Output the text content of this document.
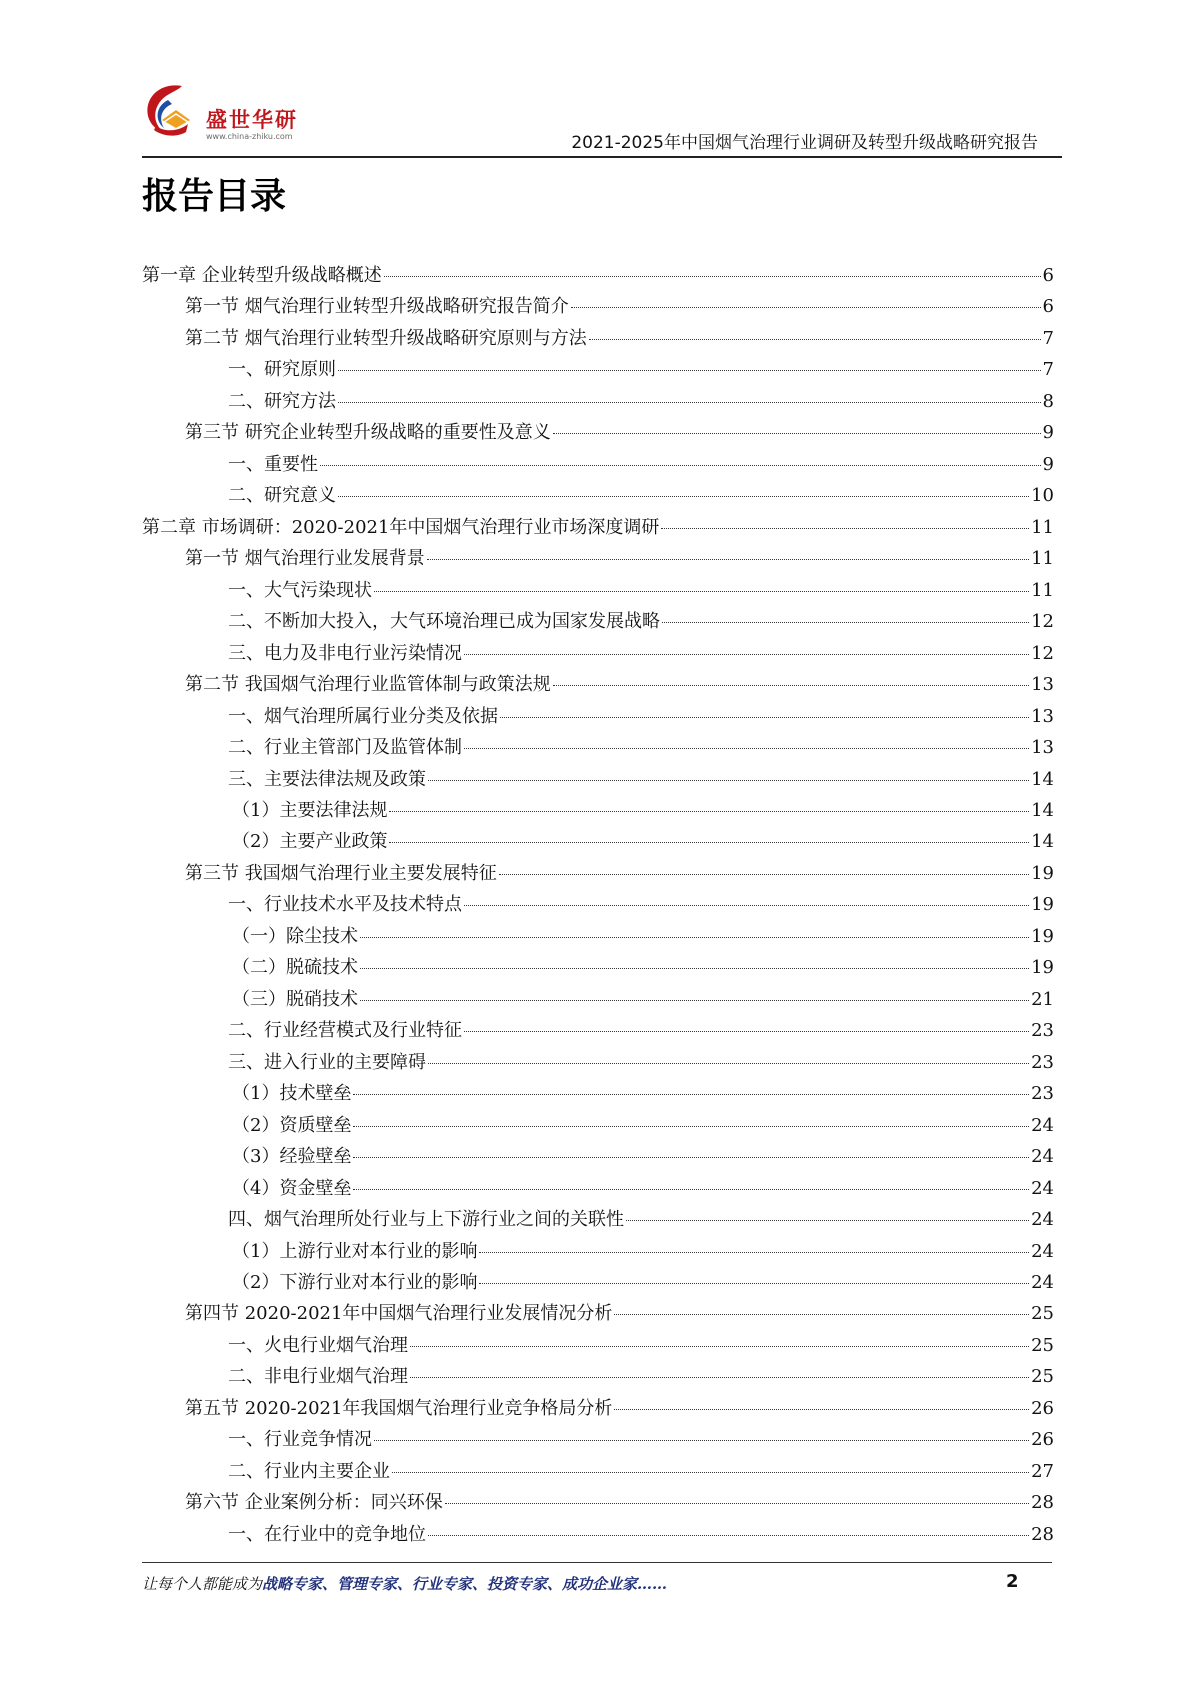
盛世华研
www.china-zhiku.com	2021-2025年中国烟气治理行业调研及转型升级战略研究报告
报告目录
第一章 企业转型升级战略概述	6
第一节 烟气治理行业转型升级战略研究报告简介	6
第二节 烟气治理行业转型升级战略研究原则与方法	7
一、研究原则	7
二、研究方法	8
第三节 研究企业转型升级战略的重要性及意义	9
一、重要性	9
二、研究意义	10
第二章 市场调研：2020-2021年中国烟气治理行业市场深度调研	11
第一节 烟气治理行业发展背景	11
一、大气污染现状	11
二、不断加大投入，大气环境治理已成为国家发展战略	12
三、电力及非电行业污染情况	12
第二节 我国烟气治理行业监管体制与政策法规	13
一、烟气治理所属行业分类及依据	13
二、行业主管部门及监管体制	13
三、主要法律法规及政策	14
（1）主要法律法规	14
（2）主要产业政策	14
第三节 我国烟气治理行业主要发展特征	19
一、行业技术水平及技术特点	19
（一）除尘技术	19
（二）脱硫技术	19
（三）脱硝技术	21
二、行业经营模式及行业特征	23
三、进入行业的主要障碍	23
（1）技术壁垒	23
（2）资质壁垒	24
（3）经验壁垒	24
（4）资金壁垒	24
四、烟气治理所处行业与上下游行业之间的关联性	24
（1）上游行业对本行业的影响	24
（2）下游行业对本行业的影响	24
第四节 2020-2021年中国烟气治理行业发展情况分析	25
一、火电行业烟气治理	25
二、非电行业烟气治理	25
第五节 2020-2021年我国烟气治理行业竞争格局分析	26
一、行业竞争情况	26
二、行业内主要企业	27
第六节 企业案例分析：同兴环保	28
一、在行业中的竞争地位	28
让每个人都能成为战略专家、管理专家、行业专家、投资专家、成功企业家……	2
